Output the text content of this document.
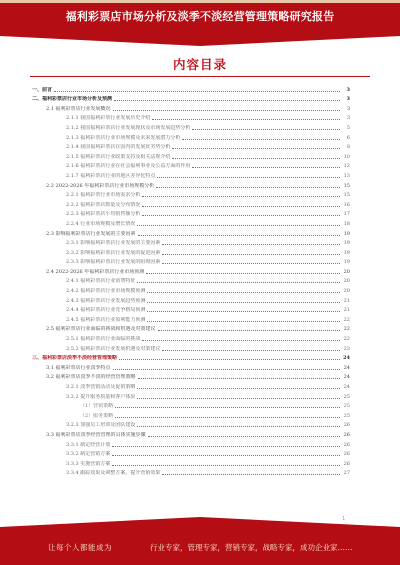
福利彩票店市场分析及淡季不淡经营管理策略研究报告
内容目录
一、前言	3
二、福利彩票店行业市场分析及预测	3
2.1 福利彩票店行业发展概况	3
2.1.1 我国福利彩票行业发展历史介绍	3
2.1.2 我国福利彩票店行业发展现状及市场发展趋势分析	5
2.1.3 福利彩票店行业市场规模及未来发展潜力分析	6
2.1.4 我国福利彩票店在国内的发展优劣势分析	8
2.1.5 福利彩票店行业政策支持及相关法规介绍	10
2.1.6 福利彩票店行业在社会福利事业及公益方面的作用	12
2.1.7 福利彩票店行业的地区差异化特点	13
2.2 2022-2026 年福利彩票店行业市场规模分析	15
2.2.1 福利彩票行业市场需求分析	15
2.2.2 福利彩票店数量及分布情况	16
2.2.3 福利彩票店平均销售额分析	17
2.2.4 行业市场规模及增长情况	18
2.3 影响福利彩票店行业发展的主要因素	19
2.3.1 影响福利彩票店行业发展的主要因素	19
2.3.2 影响福利彩票店行业发展的促进因素	19
2.3.3 影响福利彩票店行业发展的阻碍因素	19
2.4 2022-2026 年福利彩票店行业市场预测	20
2.4.1 福利彩票店行业消费特征	20
2.4.2 福利彩票店行业市场规模预测	20
2.4.3 福利彩票店行业发展趋势预测	21
2.4.4 福利彩票店行业竞争格局预测	21
2.4.5 福利彩票店行业盈利能力预测	22
2.5 福利彩票店行业面临的挑战和机遇及对策建议	22
2.5.1 福利彩票店行业面临的挑战	22
2.5.2 福利彩票店行业发展机遇及对策建议	23
三、福利彩票店淡季不淡经营管理策略	24
3.1 福利彩票店行业淡季特点	24
3.2 福利彩票店淡季不淡的经营管理策略	24
3.2.1 淡季营销活动及促销策略	24
3.2.2 提升服务质量和客户体验	25
（1）营销策略	25
（2）服务策略	25
3.2.3 加强员工培训及团队建设	26
3.3 福利彩票店淡季经营管理的具体实施步骤	26
3.3.1 制定经营计划	26
3.3.2 制定营销方案	26
3.3.3 实施营销方案	26
3.3.4 跟踪效果及调整方案，提升营销效果	27
1
让每个人都能成为	行业专家，管理专家，营销专家，战略专家，成功企业家……
